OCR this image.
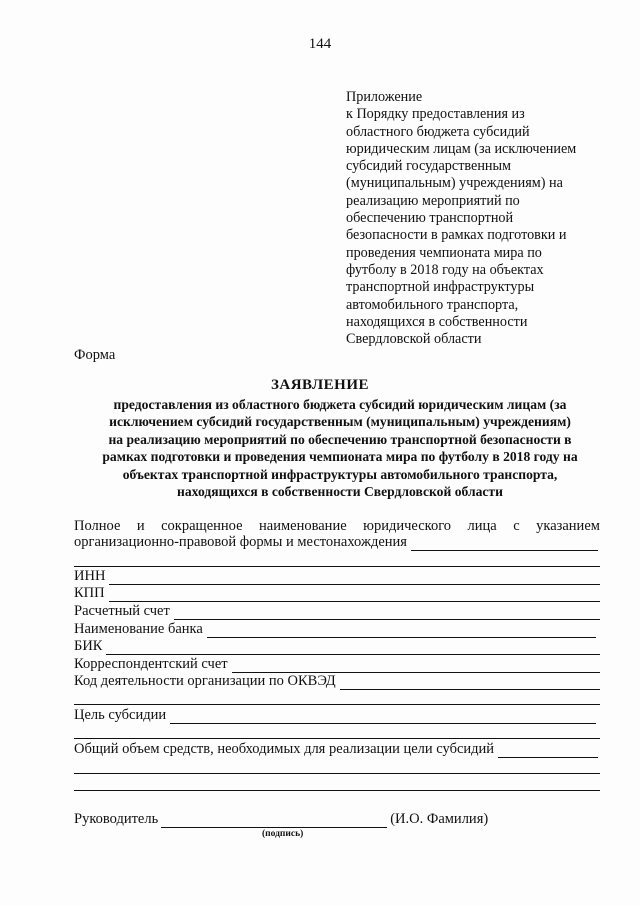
144
Приложение
к Порядку предоставления из
областного бюджета субсидий
юридическим лицам (за исключением
субсидий государственным
(муниципальным) учреждениям) на
реализацию мероприятий по
обеспечению транспортной
безопасности в рамках подготовки и
проведения чемпионата мира по
футболу в 2018 году на объектах
транспортной инфраструктуры
автомобильного транспорта,
находящихся в собственности
Свердловской области
Форма
ЗАЯВЛЕНИЕ
предоставления из областного бюджета субсидий юридическим лицам (за
исключением субсидий государственным (муниципальным) учреждениям)
на реализацию мероприятий по обеспечению транспортной безопасности в
рамках подготовки и проведения чемпионата мира по футболу в 2018 году на
объектах транспортной инфраструктуры автомобильного транспорта,
находящихся в собственности Свердловской области
Полное и сокращенное наименование юридического лица с указанием
организационно-правовой формы и местонахождения
ИНН
КПП
Расчетный счет
Наименование банка
БИК
Корреспондентский счет
Код деятельности организации по ОКВЭД
Цель субсидии
Общий объем средств, необходимых для реализации цели субсидий
Руководитель	(И.О. Фамилия)
(подпись)
